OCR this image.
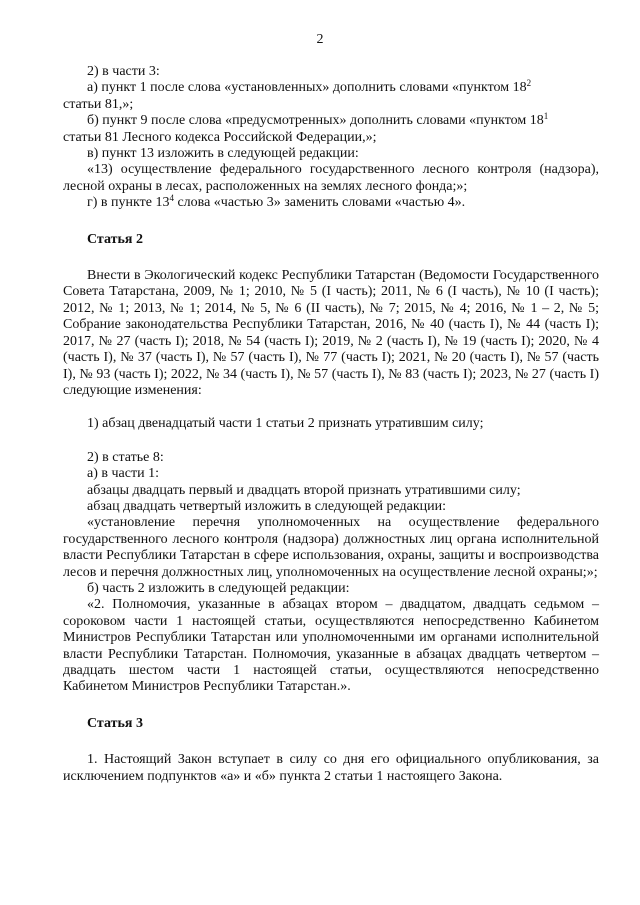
2

2) в части 3:

а) пункт 1 после слова «установленных» дополнить словами «пунктом $18^2$

статьи 81,»;

б) пункт 9 после слова «предусмотренных» дополнить словами «пунктом $18^1$

статьи 81 Лесного кодекса Российской Федерации,»;

в) пункт 13 изложить в следующей редакции:

«13) осуществление федерального государственного лесного контроля (надзора), лесной охраны в лесах, расположенных на землях лесного фонда;»;

г) в пункте $13^4$ слова «частью 3» заменить словами «частью 4».

Статья 2

Внести в Экологический кодекс Республики Татарстан (Ведомости Государственного Совета Татарстана, 2009, № 1; 2010, № 5 (I часть); 2011, № 6 (I часть), № 10 (I часть); 2012, № 1; 2013, № 1; 2014, № 5, № 6 (II часть), № 7; 2015, № 4; 2016, № 1 – 2, № 5; Собрание законодательства Республики Татарстан, 2016, № 40 (часть I), № 44 (часть I); 2017, № 27 (часть I); 2018, № 54 (часть I); 2019, № 2 (часть I), № 19 (часть I); 2020, № 4 (часть I), № 37 (часть I), № 57 (часть I), № 77 (часть I); 2021, № 20 (часть I), № 57 (часть I), № 93 (часть I); 2022, № 34 (часть I), № 57 (часть I), № 83 (часть I); 2023, № 27 (часть I) следующие изменения:

1) абзац двенадцатый части 1 статьи 2 признать утратившим силу;

2) в статье 8:

а) в части 1:

абзацы двадцать первый и двадцать второй признать утратившими силу;

абзац двадцать четвертый изложить в следующей редакции:

«установление перечня уполномоченных на осуществление федерального государственного лесного контроля (надзора) должностных лиц органа исполнительной власти Республики Татарстан в сфере использования, охраны, защиты и воспроизводства лесов и перечня должностных лиц, уполномоченных на осуществление лесной охраны;»;

б) часть 2 изложить в следующей редакции:

«2. Полномочия, указанные в абзацах втором – двадцатом, двадцать седьмом – сороковом части 1 настоящей статьи, осуществляются непосредственно Кабинетом Министров Республики Татарстан или уполномоченными им органами исполнительной власти Республики Татарстан. Полномочия, указанные в абзацах двадцать четвертом – двадцать шестом части 1 настоящей статьи, осуществляются непосредственно Кабинетом Министров Республики Татарстан.».

Статья 3

1. Настоящий Закон вступает в силу со дня его официального опубликования, за исключением подпунктов «а» и «б» пункта 2 статьи 1 настоящего Закона.
